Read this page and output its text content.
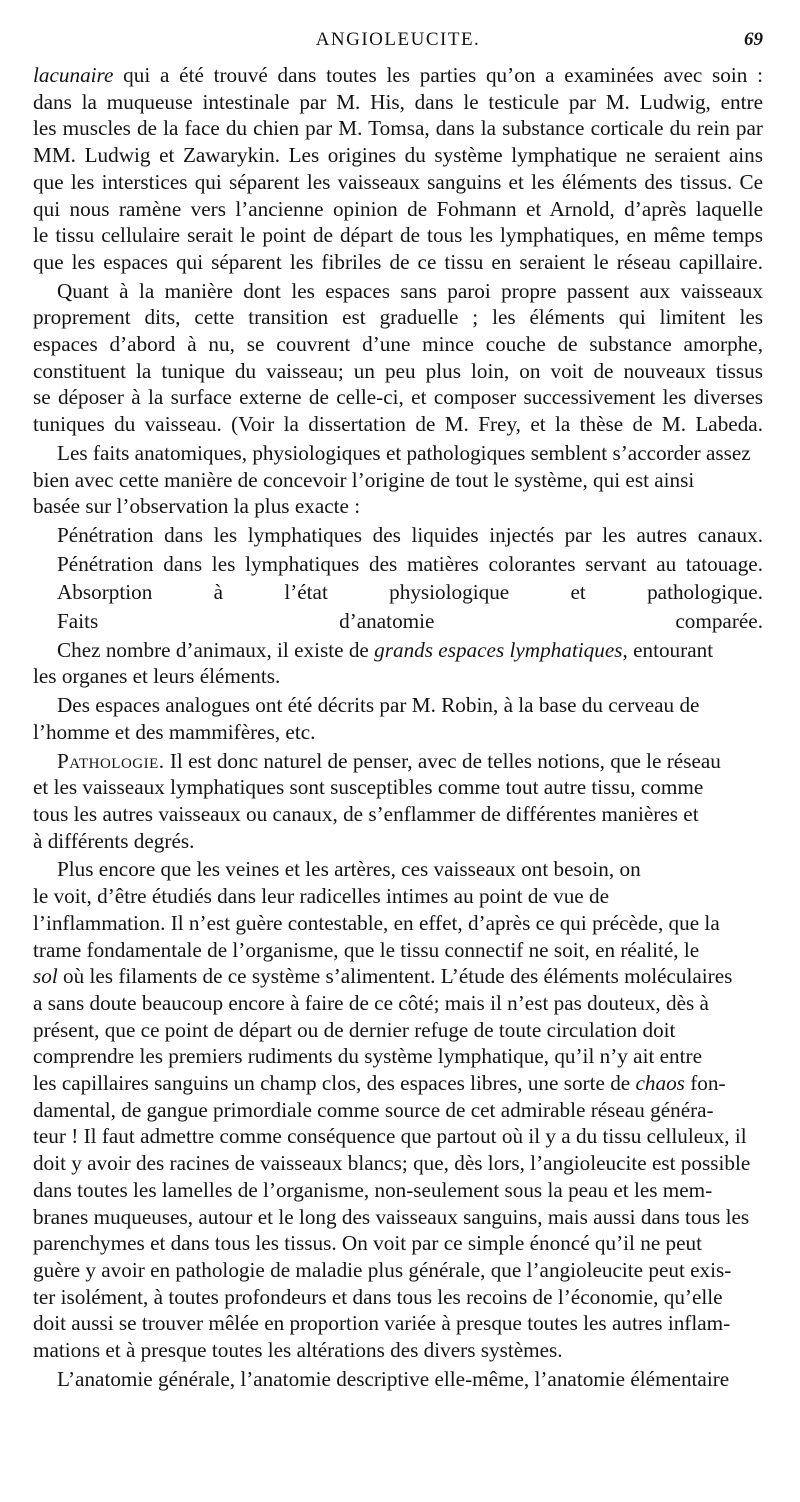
ANGIOLEUCITE.	69

lacunaire qui a été trouvé dans toutes les parties qu’on a examinées avec soin :
dans la muqueuse intestinale par M. His, dans le testicule par M. Ludwig, entre
les muscles de la face du chien par M. Tomsa, dans la substance corticale du rein par
MM. Ludwig et Zawarykin. Les origines du système lymphatique ne seraient ains
que les interstices qui séparent les vaisseaux sanguins et les éléments des tissus. Ce
qui nous ramène vers l’ancienne opinion de Fohmann et Arnold, d’après laquelle
le tissu cellulaire serait le point de départ de tous les lymphatiques, en même temps
que les espaces qui séparent les fibriles de ce tissu en seraient le réseau capillaire.

Quant à la manière dont les espaces sans paroi propre passent aux vaisseaux
proprement dits, cette transition est graduelle ; les éléments qui limitent les
espaces d’abord à nu, se couvrent d’une mince couche de substance amorphe,
constituent la tunique du vaisseau; un peu plus loin, on voit de nouveaux tissus
se déposer à la surface externe de celle-ci, et composer successivement les diverses
tuniques du vaisseau. (Voir la dissertation de M. Frey, et la thèse de M. Labeda.

Les faits anatomiques, physiologiques et pathologiques semblent s’accorder assez
bien avec cette manière de concevoir l’origine de tout le système, qui est ainsi
basée sur l’observation la plus exacte :

Pénétration dans les lymphatiques des liquides injectés par les autres canaux.

Pénétration dans les lymphatiques des matières colorantes servant au tatouage.

Absorption à l’état physiologique et pathologique.

Faits d’anatomie comparée.

Chez nombre d’animaux, il existe de grands espaces lymphatiques, entourant
les organes et leurs éléments.

Des espaces analogues ont été décrits par M. Robin, à la base du cerveau de
l’homme et des mammifères, etc.

Pathologie. Il est donc naturel de penser, avec de telles notions, que le réseau
et les vaisseaux lymphatiques sont susceptibles comme tout autre tissu, comme
tous les autres vaisseaux ou canaux, de s’enflammer de différentes manières et
à différents degrés.

Plus encore que les veines et les artères, ces vaisseaux ont besoin, on
le voit, d’être étudiés dans leur radicelles intimes au point de vue de
l’inflammation. Il n’est guère contestable, en effet, d’après ce qui précède, que la
trame fondamentale de l’organisme, que le tissu connectif ne soit, en réalité, le
sol où les filaments de ce système s’alimentent. L’étude des éléments moléculaires
a sans doute beaucoup encore à faire de ce côté; mais il n’est pas douteux, dès à
présent, que ce point de départ ou de dernier refuge de toute circulation doit
comprendre les premiers rudiments du système lymphatique, qu’il n’y ait entre
les capillaires sanguins un champ clos, des espaces libres, une sorte de chaos fon-
damental, de gangue primordiale comme source de cet admirable réseau généra-
teur ! Il faut admettre comme conséquence que partout où il y a du tissu celluleux, il
doit y avoir des racines de vaisseaux blancs; que, dès lors, l’angioleucite est possible
dans toutes les lamelles de l’organisme, non-seulement sous la peau et les mem-
branes muqueuses, autour et le long des vaisseaux sanguins, mais aussi dans tous les
parenchymes et dans tous les tissus. On voit par ce simple énoncé qu’il ne peut
guère y avoir en pathologie de maladie plus générale, que l’angioleucite peut exis-
ter isolément, à toutes profondeurs et dans tous les recoins de l’économie, qu’elle
doit aussi se trouver mêlée en proportion variée à presque toutes les autres inflam-
mations et à presque toutes les altérations des divers systèmes.

L’anatomie générale, l’anatomie descriptive elle-même, l’anatomie élémentaire
